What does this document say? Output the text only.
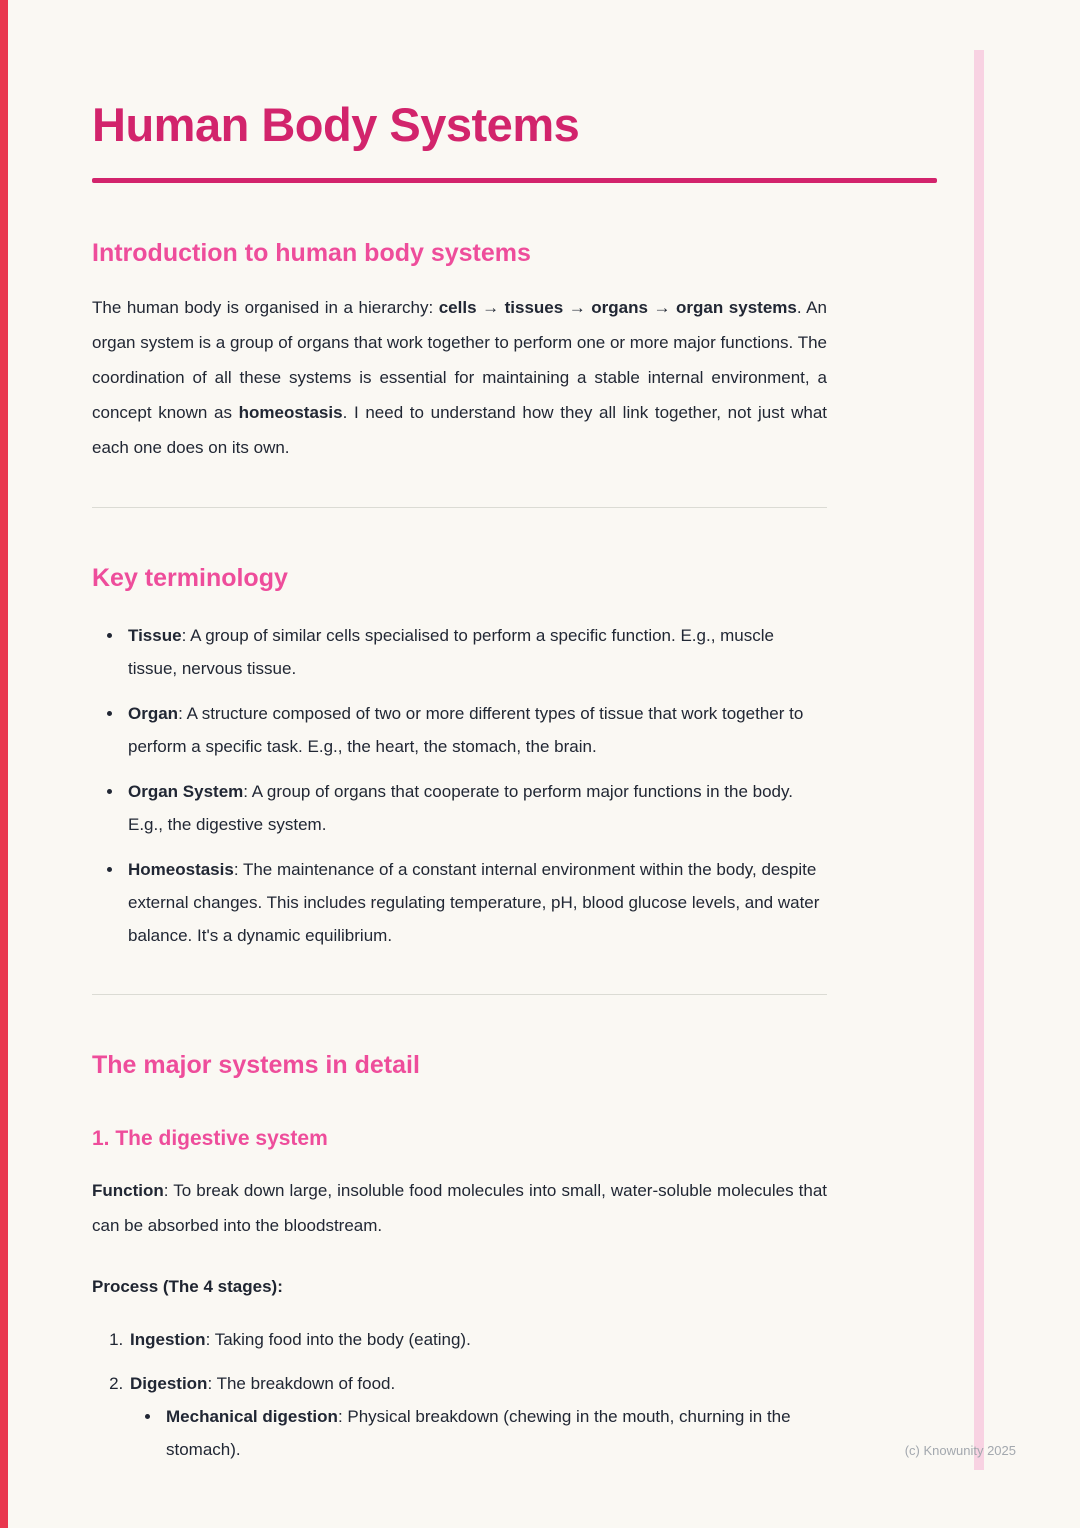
Human Body Systems
Introduction to human body systems

The human body is organised in a hierarchy: cells → tissues → organs → organ systems. An organ system is a group of organs that work together to perform one or more major functions. The coordination of all these systems is essential for maintaining a stable internal environment, a concept known as homeostasis. I need to understand how they all link together, not just what each one does on its own.

Key terminology
• Tissue: A group of similar cells specialised to perform a specific function. E.g., muscle tissue, nervous tissue.
• Organ: A structure composed of two or more different types of tissue that work together to perform a specific task. E.g., the heart, the stomach, the brain.
• Organ System: A group of organs that cooperate to perform major functions in the body. E.g., the digestive system.
• Homeostasis: The maintenance of a constant internal environment within the body, despite external changes. This includes regulating temperature, pH, blood glucose levels, and water balance. It's a dynamic equilibrium.
The major systems in detail
1. The digestive system

Function: To break down large, insoluble food molecules into small, water-soluble molecules that can be absorbed into the bloodstream.

Process (The 4 stages):

1. Ingestion: Taking food into the body (eating).
2. Digestion: The breakdown of food.
• Mechanical digestion: Physical breakdown (chewing in the mouth, churning in the stomach).	(c) Knowunity 2025
